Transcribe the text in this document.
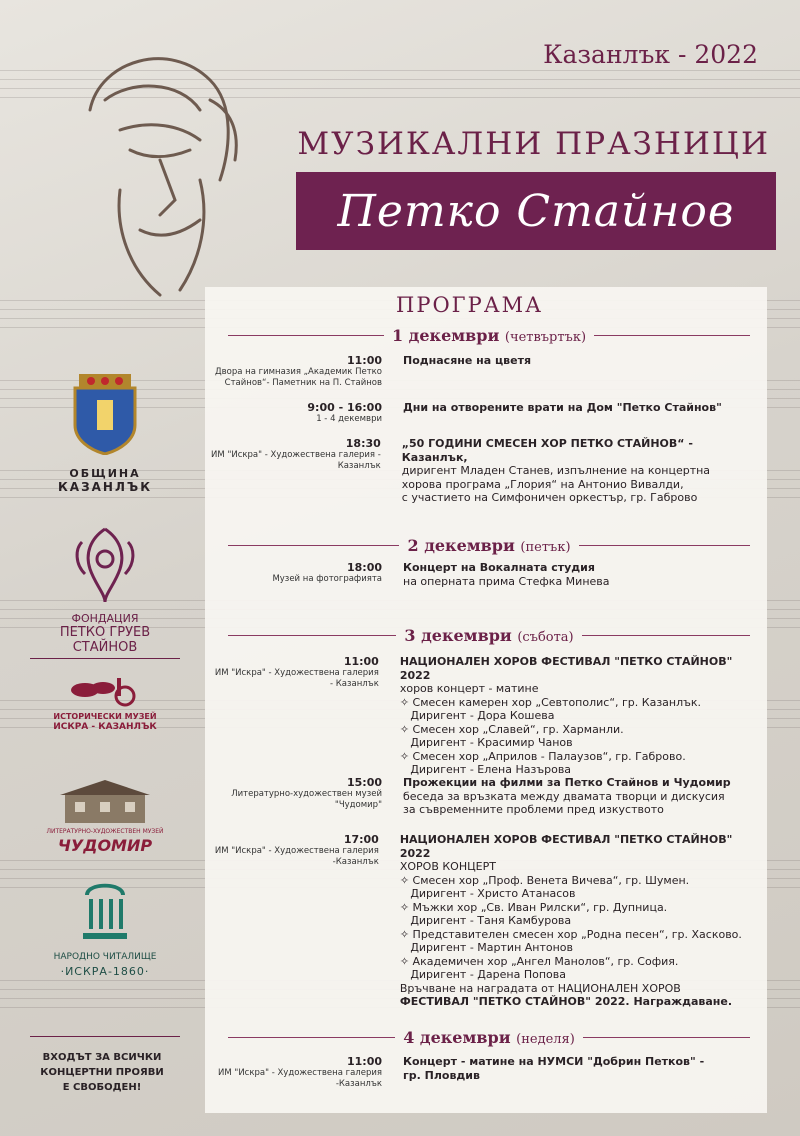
Казанлък - 2022
МУЗИКАЛНИ ПРАЗНИЦИ
Петко Стайнов
ПРОГРАМА
1 декември (четвъртък)
11:00
Двора на гимназия „Академик Петко Стайнов“- Паметник на П. Стайнов
Поднасяне на цветя
9:00 - 16:00
1 - 4 декември
Дни на отворените врати на Дом "Петко Стайнов"
18:30
ИМ "Искра" - Художествена галерия - Казанлък
„50 ГОДИНИ СМЕСЕН ХОР ПЕТКО СТАЙНОВ“ - Казанлък,
диригент Младен Станев, изпълнение на концертна
хорова програма „Глория“ на Антонио Вивалди,
с участието на Симфоничен оркестър, гр. Габрово
2 декември (петък)
18:00
Музей на фотографията
Концерт на Вокалната студия
на оперната прима Стефка Минева
3 декември (събота)
11:00
ИМ "Искра" - Художествена галерия - Казанлък
НАЦИОНАЛЕН ХОРОВ ФЕСТИВАЛ "ПЕТКО СТАЙНОВ" 2022
хоров концерт - матине
✧ Смесен камерен хор „Севтополис“, гр. Казанлък.
Диригент - Дора Кошева
✧ Смесен хор „Славей“, гр. Харманли.
Диригент - Красимир Чанов
✧ Смесен хор „Априлов - Палаузов“, гр. Габрово.
Диригент - Елена Назърова
15:00
Литературно-художествен музей "Чудомир"
Прожекции на филми за Петко Стайнов и Чудомир
беседа за връзката между двамата творци и дискусия
за съвременните проблеми пред изкуството
17:00
ИМ "Искра" - Художествена галерия -Казанлък
НАЦИОНАЛЕН ХОРОВ ФЕСТИВАЛ "ПЕТКО СТАЙНОВ" 2022
ХОРОВ КОНЦЕРТ
✧ Смесен хор „Проф. Венета Вичева“, гр. Шумен.
Диригент - Христо Атанасов
✧ Мъжки хор „Св. Иван Рилски“, гр. Дупница.
Диригент - Таня Камбурова
✧ Представителен смесен хор „Родна песен“, гр. Хасково.
Диригент - Мартин Антонов
✧ Академичен хор „Ангел Манолов“, гр. София.
Диригент - Дарена Попова
Връчване на наградата от НАЦИОНАЛЕН ХОРОВ
ФЕСТИВАЛ "ПЕТКО СТАЙНОВ" 2022. Награждаване.
4 декември (неделя)
11:00
ИМ "Искра" - Художествена галерия -Казанлък
Концерт - матине на НУМСИ "Добрин Петков" -
гр. Пловдив
ОБЩИНА
КАЗАНЛЪК
ФОНДАЦИЯ
ПЕТКО ГРУЕВ
СТАЙНОВ
ИСТОРИЧЕСКИ МУЗЕЙ
ИСКРА - КАЗАНЛЪК
ЛИТЕРАТУРНО-ХУДОЖЕСТВЕН МУЗЕЙ
ЧУДОМИР
НАРОДНО ЧИТАЛИЩЕ
·ИСКРА-1860·
ВХОДЪТ ЗА ВСИЧКИ
КОНЦЕРТНИ ПРОЯВИ
Е СВОБОДЕН!
